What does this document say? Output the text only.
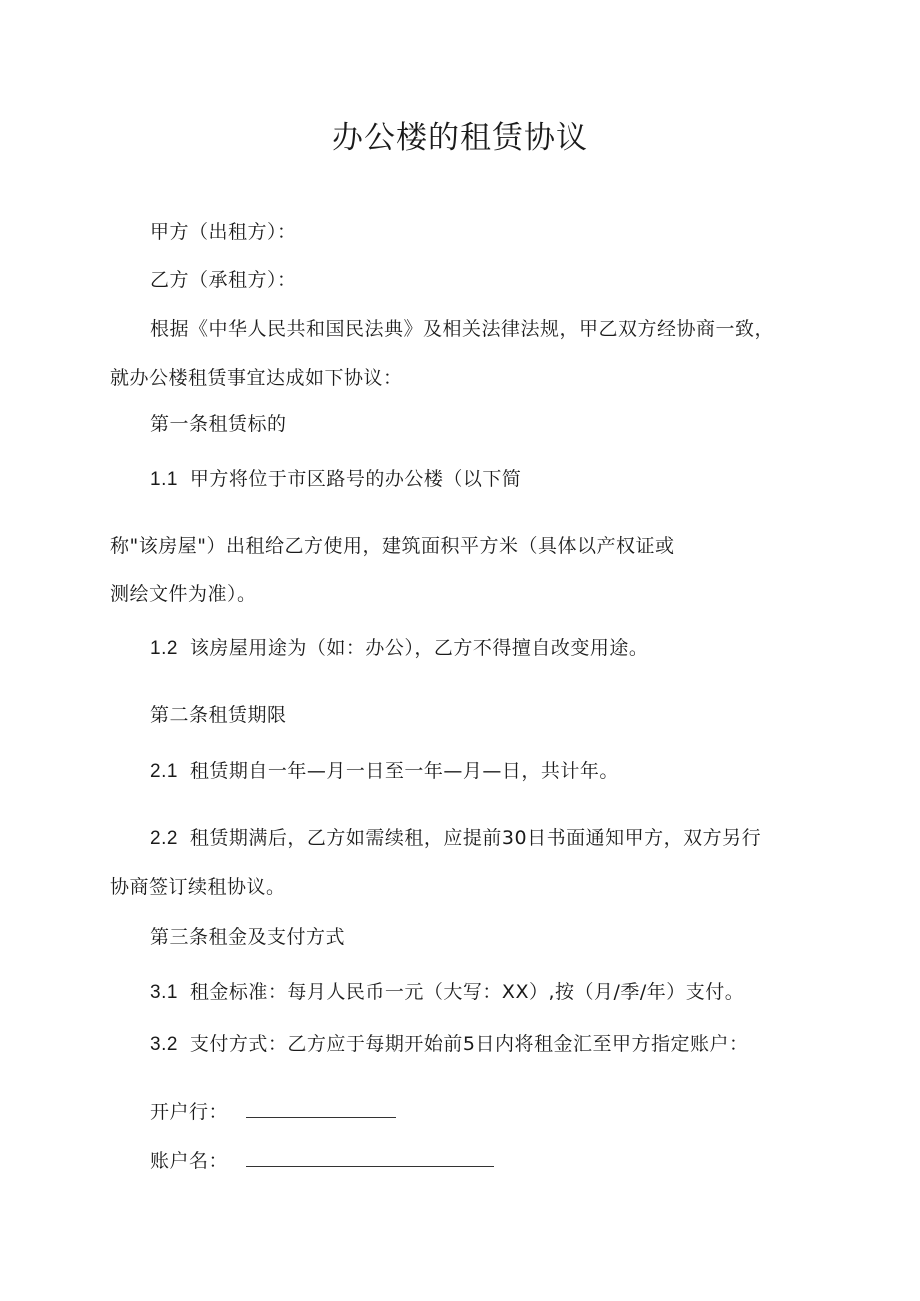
办公楼的租赁协议
甲方（出租方）：
乙方（承租方）：
根据《中华人民共和国民法典》及相关法律法规，甲乙双方经协商一致，
就办公楼租赁事宜达成如下协议：
第一条租赁标的
1.1 甲方将位于市区路号的办公楼（以下简
称"该房屋"）出租给乙方使用，建筑面积平方米（具体以产权证或
测绘文件为准）。
1.2 该房屋用途为（如：办公），乙方不得擅自改变用途。
第二条租赁期限
2.1 租赁期自一年—月一日至一年—月—日，共计年。
2.2 租赁期满后，乙方如需续租，应提前30日书面通知甲方，双方另行
协商签订续租协议。
第三条租金及支付方式
3.1 租金标准：每月人民币一元（大写：XX）,按（月/季/年）支付。
3.2 支付方式：乙方应于每期开始前5日内将租金汇至甲方指定账户：
开户行：
账户名：
